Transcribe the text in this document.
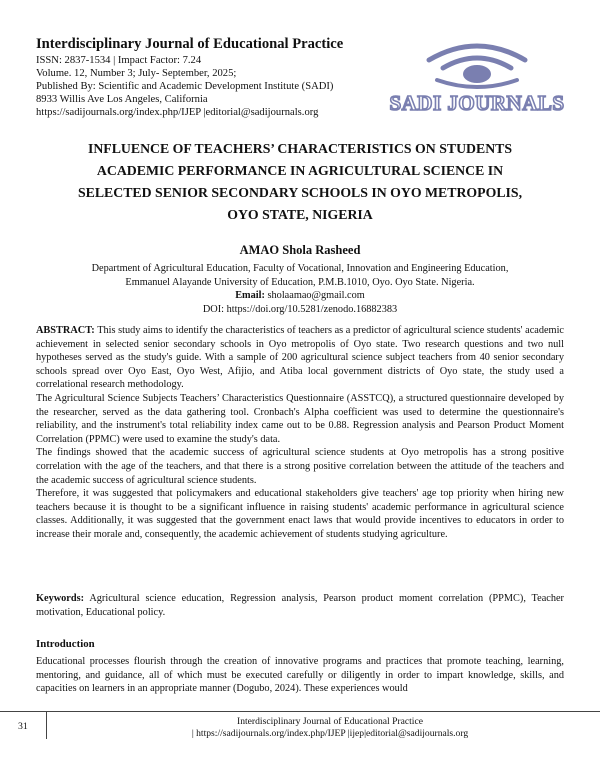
Interdisciplinary Journal of Educational Practice
ISSN: 2837-1534 | Impact Factor: 7.24
Volume. 12, Number 3; July- September, 2025;
Published By: Scientific and Academic Development Institute (SADI)
8933 Willis Ave Los Angeles, California
https://sadijournals.org/index.php/IJEP |editorial@sadijournals.org	SADI JOURNALS
INFLUENCE OF TEACHERS’ CHARACTERISTICS ON STUDENTS
ACADEMIC PERFORMANCE IN AGRICULTURAL SCIENCE IN
SELECTED SENIOR SECONDARY SCHOOLS IN OYO METROPOLIS,
OYO STATE, NIGERIA
AMAO Shola Rasheed
Department of Agricultural Education, Faculty of Vocational, Innovation and Engineering Education,
Emmanuel Alayande University of Education, P.M.B.1010, Oyo. Oyo State. Nigeria.
Email: sholaamao@gmail.com
DOI: https://doi.org/10.5281/zenodo.16882383

ABSTRACT: This study aims to identify the characteristics of teachers as a predictor of agricultural science students' academic achievement in selected senior secondary schools in Oyo metropolis of Oyo state. Two research questions and two null hypotheses served as the study's guide. With a sample of 200 agricultural science subject teachers from 40 senior secondary schools spread over Oyo East, Oyo West, Afijio, and Atiba local government districts of Oyo state, the study used a correlational research methodology.

The Agricultural Science Subjects Teachers’ Characteristics Questionnaire (ASSTCQ), a structured questionnaire developed by the researcher, served as the data gathering tool. Cronbach's Alpha coefficient was used to determine the questionnaire's reliability, and the instrument's total reliability index came out to be 0.88. Regression analysis and Pearson Product Moment Correlation (PPMC) were used to examine the study's data.

The findings showed that the academic success of agricultural science students at Oyo metropolis has a strong positive correlation with the age of the teachers, and that there is a strong positive correlation between the attitude of the teachers and the academic success of agricultural science students.

Therefore, it was suggested that policymakers and educational stakeholders give teachers' age top priority when hiring new teachers because it is thought to be a significant influence in raising students' academic performance in agricultural science classes. Additionally, it was suggested that the government enact laws that would provide incentives to educators in order to increase their morale and, consequently, the academic achievement of students studying agriculture.

Keywords: Agricultural science education, Regression analysis, Pearson product moment correlation (PPMC), Teacher motivation, Educational policy.
Introduction
Educational processes flourish through the creation of innovative programs and practices that promote teaching, learning, mentoring, and guidance, all of which must be executed carefully or diligently in order to impart knowledge, skills, and capacities on learners in an appropriate manner (Dogubo, 2024). These experiences would
31	Interdisciplinary Journal of Educational Practice
| https://sadijournals.org/index.php/IJEP |ijep|editorial@sadijournals.org
